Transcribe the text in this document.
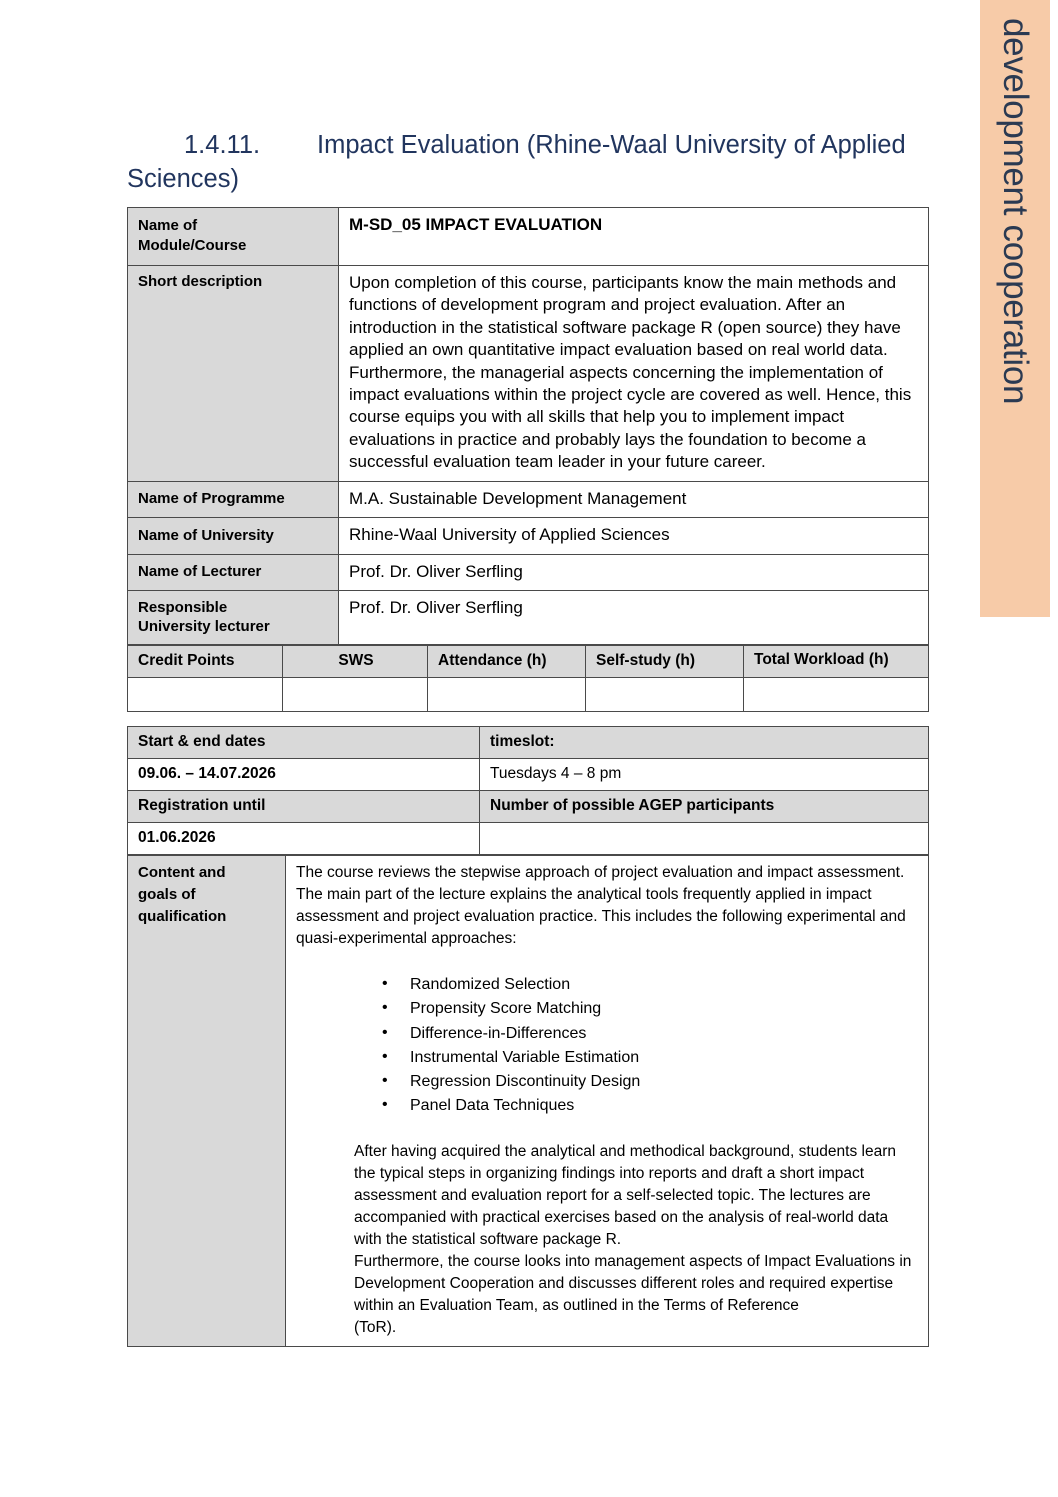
development cooperation
1.4.11. Impact Evaluation (Rhine-Waal University of Applied Sciences)
Name of
Module/Course	M-SD_05 IMPACT EVALUATION
Short description	Upon completion of this course, participants know the main methods and functions of development program and project evaluation. After an introduction in the statistical software package R (open source) they have applied an own quantitative impact evaluation based on real world data. Furthermore, the managerial aspects concerning the implementation of impact evaluations within the project cycle are covered as well. Hence, this course equips you with all skills that help you to implement impact evaluations in practice and probably lays the foundation to become a successful evaluation team leader in your future career.
Name of Programme	M.A. Sustainable Development Management
Name of University	Rhine-Waal University of Applied Sciences
Name of Lecturer	Prof. Dr. Oliver Serfling

Responsible
University lecturer	Prof. Dr. Oliver Serfling
Credit Points	SWS	Attendance (h)	Self-study (h)	Total Workload (h)

Start & end dates	timeslot:
09.06. – 14.07.2026	Tuesdays 4 – 8 pm
Registration until	Number of possible AGEP participants
01.06.2026	
Content and
goals of
qualification

The course reviews the stepwise approach of project evaluation and impact assessment. The main part of the lecture explains the analytical tools frequently applied in impact assessment and project evaluation practice. This includes the following experimental and quasi-experimental approaches:

• Randomized Selection
• Propensity Score Matching
• Difference-in-Differences
• Instrumental Variable Estimation
• Regression Discontinuity Design
• Panel Data Techniques

After having acquired the analytical and methodical background, students learn the typical steps in organizing findings into reports and draft a short impact assessment and evaluation report for a self-selected topic. The lectures are accompanied with practical exercises based on the analysis of real-world data with the statistical software package R.

Furthermore, the course looks into management aspects of Impact Evaluations in Development Cooperation and discusses different roles and required expertise within an Evaluation Team, as outlined in the Terms of Reference

(ToR).
